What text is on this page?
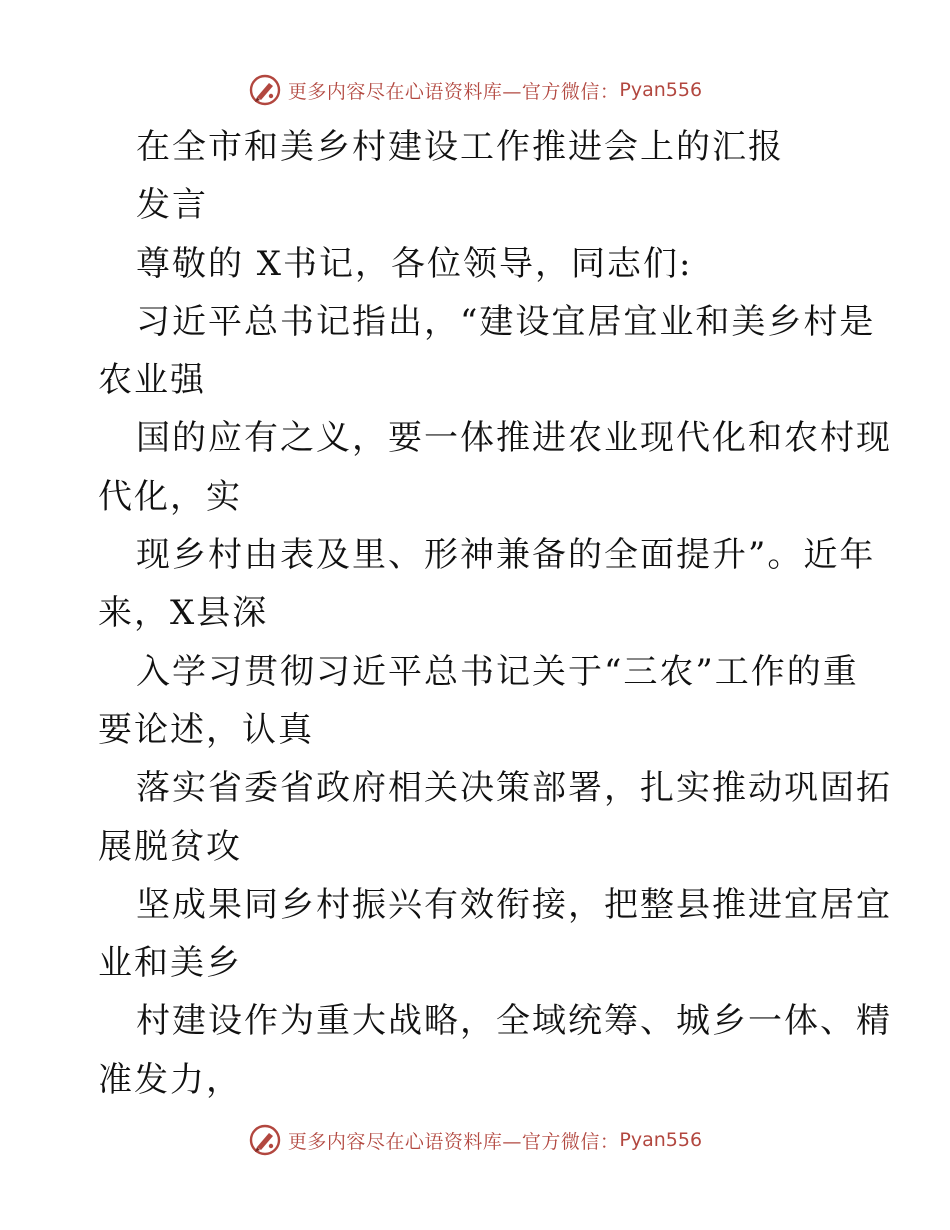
更多内容尽在心语资料库—官方微信： Pyan556
在全市和美乡村建设工作推进会上的汇报
发言
尊敬的 X书记，各位领导，同志们:
习近平总书记指出，“建设宜居宜业和美乡村是
农业强
国的应有之义，要一体推进农业现代化和农村现
代化，实
现乡村由表及里、形神兼备的全面提升”。近年
来，X县深
入学习贯彻习近平总书记关于“三农”工作的重
要论述，认真
落实省委省政府相关决策部署，扎实推动巩固拓
展脱贫攻
坚成果同乡村振兴有效衔接，把整县推进宜居宜
业和美乡
村建设作为重大战略，全域统筹、城乡一体、精
准发力，
更多内容尽在心语资料库—官方微信： Pyan556
